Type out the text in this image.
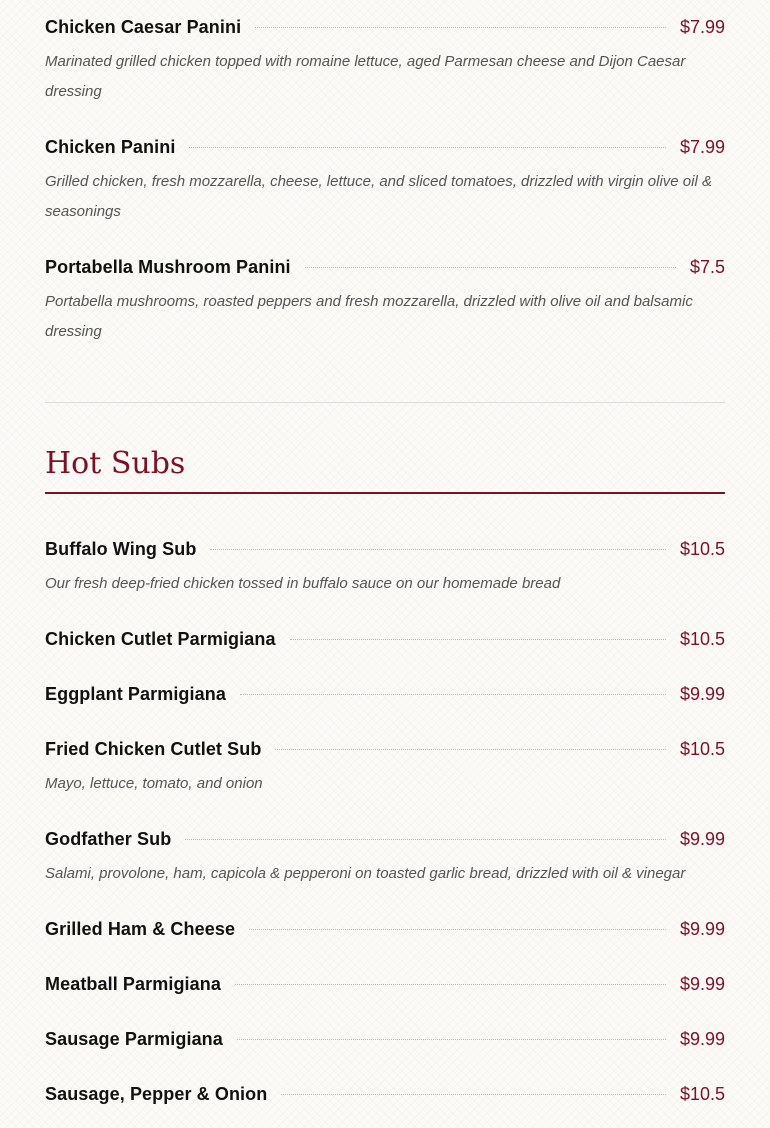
Chicken Caesar Panini	$7.99
Marinated grilled chicken topped with romaine lettuce, aged Parmesan cheese and Dijon Caesar dressing
Chicken Panini	$7.99
Grilled chicken, fresh mozzarella, cheese, lettuce, and sliced tomatoes, drizzled with virgin olive oil & seasonings
Portabella Mushroom Panini	$7.5
Portabella mushrooms, roasted peppers and fresh mozzarella, drizzled with olive oil and balsamic dressing
Hot Subs
Buffalo Wing Sub	$10.5
Our fresh deep-fried chicken tossed in buffalo sauce on our homemade bread
Chicken Cutlet Parmigiana	$10.5
Eggplant Parmigiana	$9.99
Fried Chicken Cutlet Sub	$10.5
Mayo, lettuce, tomato, and onion
Godfather Sub	$9.99
Salami, provolone, ham, capicola & pepperoni on toasted garlic bread, drizzled with oil & vinegar
Grilled Ham & Cheese	$9.99
Meatball Parmigiana	$9.99
Sausage Parmigiana	$9.99
Sausage, Pepper & Onion	$10.5
